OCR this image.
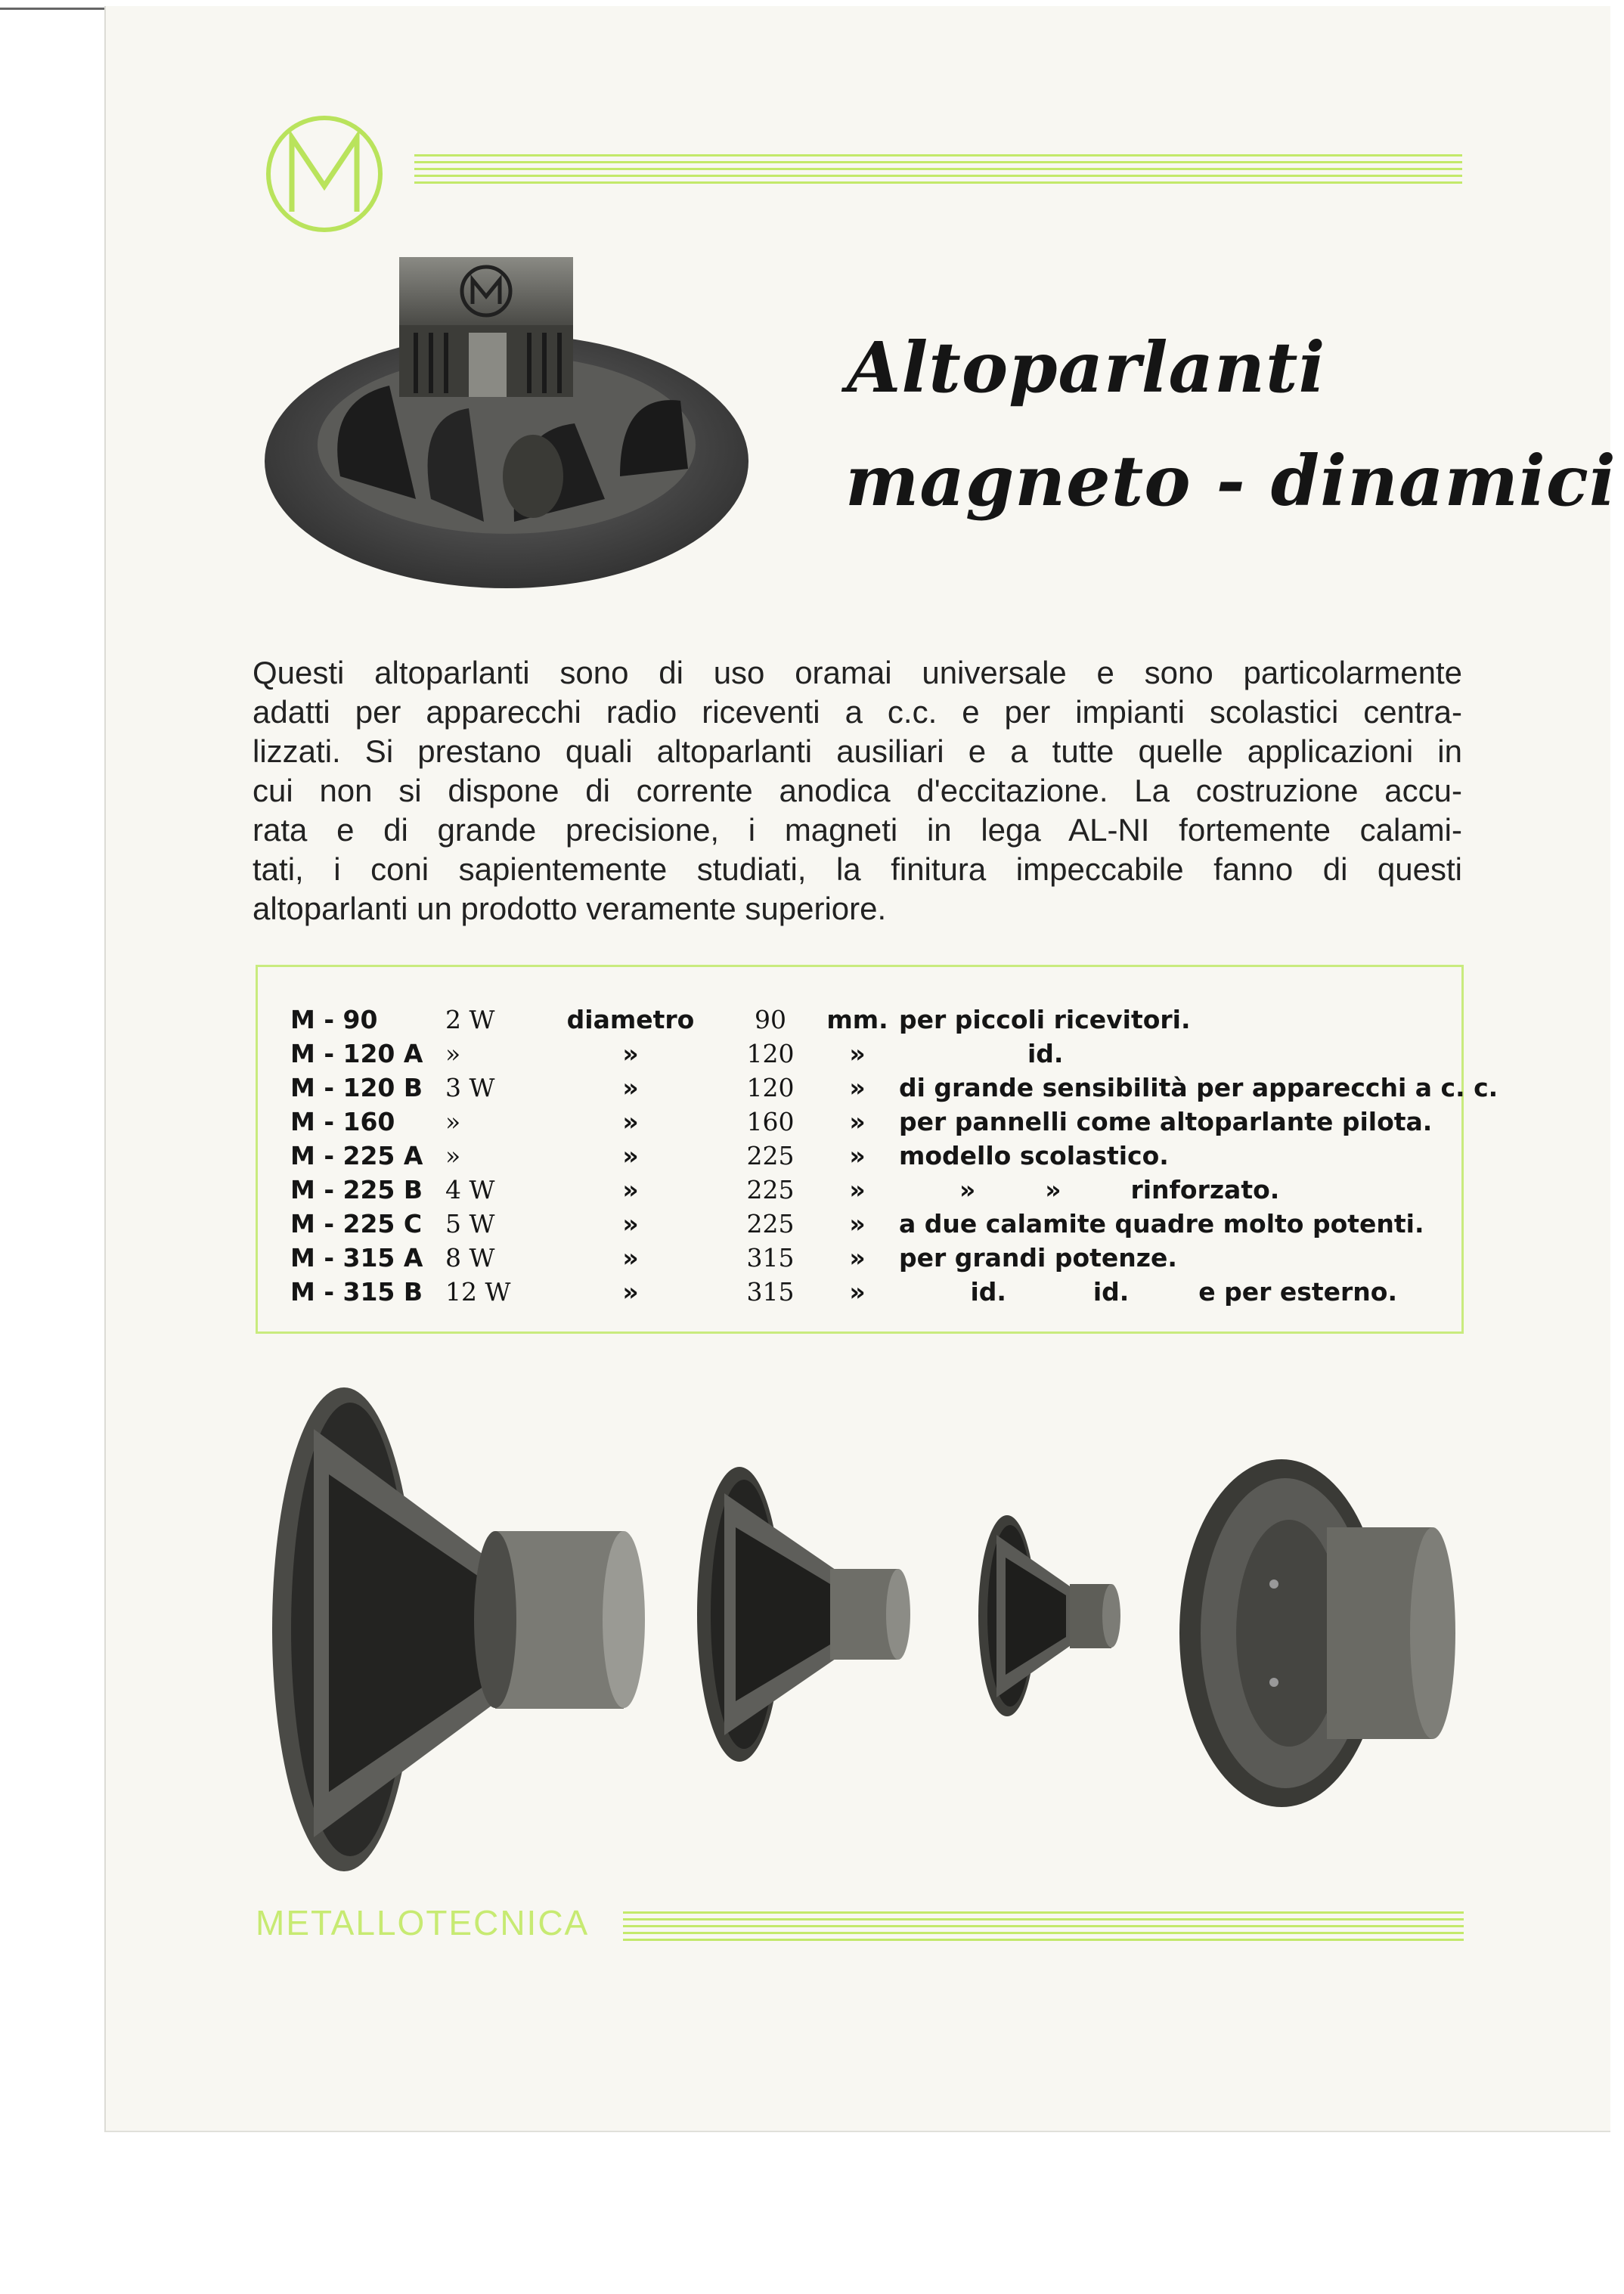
Altoparlanti
magneto - dinamici
Questi altoparlanti sono di uso oramai universale e sono particolarmente
adatti per apparecchi radio riceventi a c.c. e per impianti scolastici centra-
lizzati. Si prestano quali altoparlanti ausiliari e a tutte quelle applicazioni in
cui non si dispone di corrente anodica d'eccitazione. La costruzione accu-
rata e di grande precisione, i magneti in lega AL-NI fortemente calami-
tati, i coni sapientemente studiati, la finitura impeccabile fanno di questi
altoparlanti un prodotto veramente superiore.
M - 90	2 W	diametro	90	mm.	per piccoli ricevitori.
M - 120 A	»	»	120	»	id.
M - 120 B	3 W	»	120	»	di grande sensibilità per apparecchi a c. c.
M - 160	»	»	160	»	per pannelli come altoparlante pilota.
M - 225 A	»	»	225	»	modello scolastico.
M - 225 B	4 W	»	225	»	»        »        rinforzato.
M - 225 C	5 W	»	225	»	a due calamite quadre molto potenti.
M - 315 A	8 W	»	315	»	per grandi potenze.
M - 315 B	12 W	»	315	»	id.          id.        e per esterno.
METALLOTECNICA
